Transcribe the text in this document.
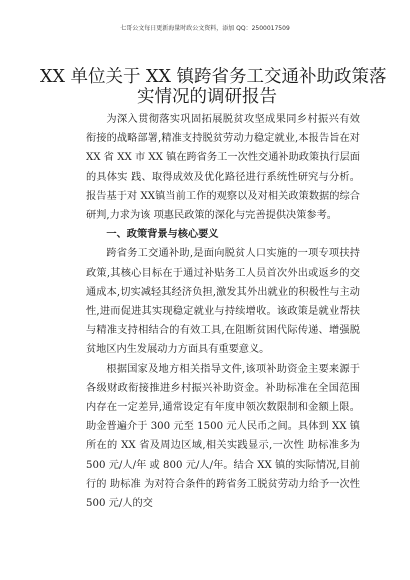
七哥公文每日更新海量时政公文资料，添加 QQ：2500017509
XX 单位关于 XX 镇跨省务工交通补助政策落
实情况的调研报告

为深入贯彻落实巩固拓展脱贫攻坚成果同乡村振兴有效衔接的战略部署,精准支持脱贫劳动力稳定就业,本报告旨在对 XX 省 XX 市 XX 镇在跨省务工一次性交通补助政策执行层面的具体实 践、取得成效及优化路径进行系统性研究与分析。报告基于对 XX镇当前工作的观察以及对相关政策数据的综合研判,力求为该 项惠民政策的深化与完善提供决策参考。

一、政策背景与核心要义

跨省务工交通补助,是面向脱贫人口实施的一项专项扶持政策,其核心目标在于通过补贴务工人员首次外出或返乡的交通成本,切实减轻其经济负担,激发其外出就业的积极性与主动性,进而促进其实现稳定就业与持续增收。该政策是就业帮扶与精准支持相结合的有效工具,在阻断贫困代际传递、增强脱贫地区内生发展动力方面具有重要意义。

根据国家及地方相关指导文件,该项补助资金主要来源于各级财政衔接推进乡村振兴补助资金。补助标准在全国范围内存在一定差异,通常设定有年度申领次数限制和金额上限。 助金普遍介于 300 元至 1500 元人民币之间。具体到 XX 镇所在的 XX 省及周边区域,相关实践显示,一次性 助标准多为 500 元/人/年 或 800 元/人/年。结合 XX 镇的实际情况,目前 行的 助标准 为对符合条件的跨省务工脱贫劳动力给予一次性 500 元/人的交
